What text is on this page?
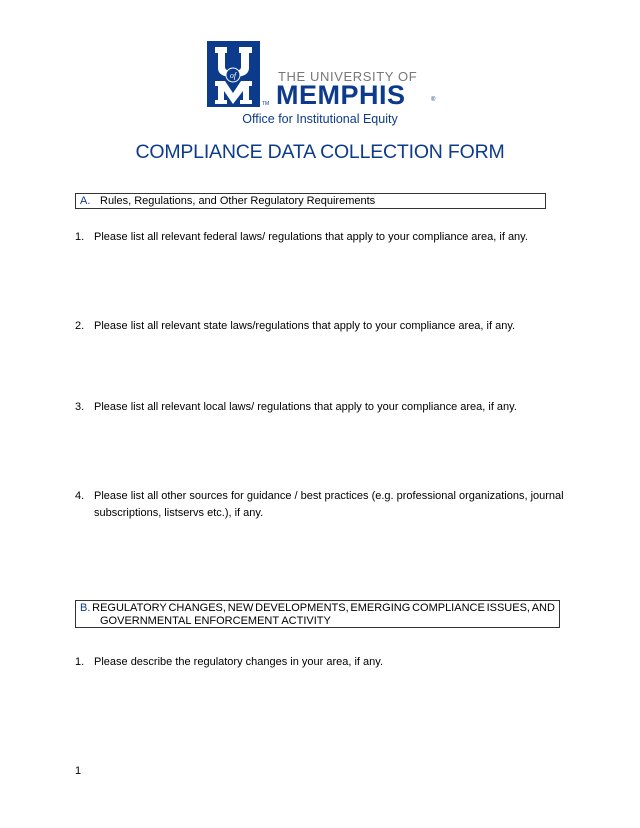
of
TM
THE UNIVERSITY OF
MEMPHIS	®
Office for Institutional Equity
COMPLIANCE DATA COLLECTION FORM
A. Rules, Regulations, and Other Regulatory Requirements
1. Please list all relevant federal laws/ regulations that apply to your compliance area, if any.
2. Please list all relevant state laws/regulations that apply to your compliance area, if any.
3. Please list all relevant local laws/ regulations that apply to your compliance area, if any.
4. Please list all other sources for guidance / best practices (e.g. professional organizations, journal subscriptions, listservs etc.), if any.
B. REGULATORY CHANGES, NEW DEVELOPMENTS, EMERGING COMPLIANCE ISSUES, AND
GOVERNMENTAL ENFORCEMENT ACTIVITY
1. Please describe the regulatory changes in your area, if any.
1
